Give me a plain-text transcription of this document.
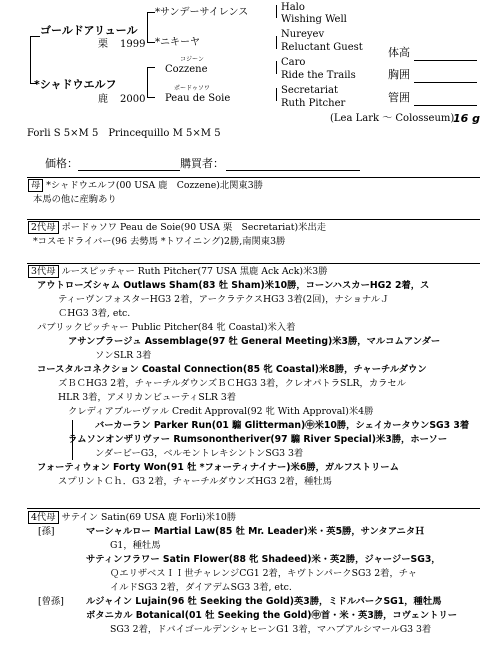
ゴールドアリュール
栗 1999
*シャドウエルフ
鹿 2000
*サンデーサイレンス
*ニキーヤ
コジーン
Cozzene
ポードゥソワ
Peau de Soie
Halo
Wishing Well
Nureyev
Reluctant Guest
Caro
Ride the Trails
Secretariat
Ruth Pitcher
体高
胸囲
管囲
(Lea Lark ～ Colosseum)
16 g
Forli S 5×M 5　Princequillo M 5×M 5
価格：	購買者：
母 *シャドウエルフ(00 USA 鹿　Cozzene)北関東3勝
本馬の他に産駒あり
2代母 ポードゥソワ Peau de Soie(90 USA 栗　Secretariat)米出走
*コスモドライバー(96 去勢馬 *トワイニング)2勝,南関東3勝
3代母 ルースピッチャー Ruth Pitcher(77 USA 黒鹿 Ack Ack)米3勝
アウトローズシャム Outlaws Sham(83 牡 Sham)米10勝，コーンハスカーHG2 2着，ス
ティーヴンフォスターHG3 2着，アークラテクスHG3 3着(2回)，ナショナルＪ
ＣHG3 3着, etc.
パブリックピッチャー Public Pitcher(84 牝 Coastal)米入着
アサンブラージュ Assemblage(97 牡 General Meeting)米3勝，マルコムアンダー
ソンSLR 3着
コースタルコネクション Coastal Connection(85 牝 Coastal)米8勝，チャーチルダウン
ズＢＣHG3 2着，チャーチルダウンズＢＣHG3 3着，クレオパトラSLR，カラセル
HLR 3着，アメリカンビューティSLR 3着
クレディアブルーヴァル Credit Approval(92 牝 With Approval)米4勝
バーカーラン Parker Run(01 騸 Glitterman)㊥米10勝，シェイカータウンSG3 3着
ラムソンオンザリヴァー Rumsonontheriver(97 騸 River Special)米3勝，ホーソー
ンダービーG3，ベルモントレキシントンSG3 3着
フォーティウォン Forty Won(91 牡 *フォーティナイナー)米6勝，ガルフストリーム
スプリントＣｈ．G3 2着，チャーチルダウンズHG3 2着，種牡馬
4代母 サテイン Satin(69 USA 鹿 Forli)米10勝
[孫]	マーシャルロー Martial Law(85 牡 Mr. Leader)米・英5勝，サンタアニタＨ
G1，種牡馬
サティンフラワー Satin Flower(88 牝 Shadeed)米・英2勝，ジャージーSG3，
ＱエリザベスＩＩ世チャレンジCG1 2着，キヴトンパークSG3 2着，チャ
イルドSG3 2着，ダイアデムSG3 3着, etc.
[曾孫] ルジャイン Lujain(96 牡 Seeking the Gold)英3勝，ミドルパークSG1，種牡馬
ボタニカル Botanical(01 牡 Seeking the Gold)㊥首・米・英3勝，コヴェントリー
SG3 2着，ドバイゴールデンシャヒーンG1 3着，マハブアルシマールG3 3着
